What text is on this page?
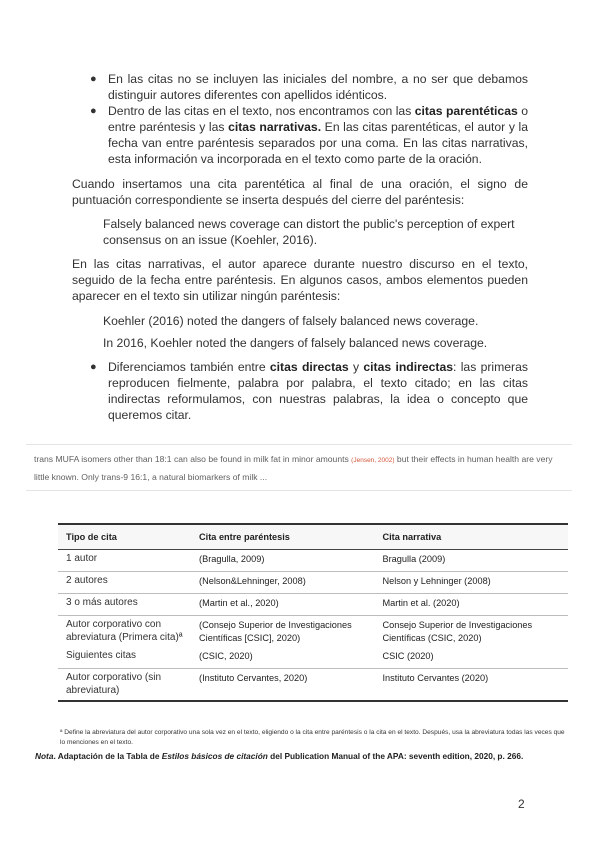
● En las citas no se incluyen las iniciales del nombre, a no ser que debamos distinguir autores diferentes con apellidos idénticos.
● Dentro de las citas en el texto, nos encontramos con las citas parentéticas o entre paréntesis y las citas narrativas. En las citas parentéticas, el autor y la fecha van entre paréntesis separados por una coma. En las citas narrativas, esta información va incorporada en el texto como parte de la oración.
Cuando insertamos una cita parentética al final de una oración, el signo de puntuación correspondiente se inserta después del cierre del paréntesis:
Falsely balanced news coverage can distort the public's perception of expert consensus on an issue (Koehler, 2016).
En las citas narrativas, el autor aparece durante nuestro discurso en el texto, seguido de la fecha entre paréntesis. En algunos casos, ambos elementos pueden aparecer en el texto sin utilizar ningún paréntesis:
Koehler (2016) noted the dangers of falsely balanced news coverage.
In 2016, Koehler noted the dangers of falsely balanced news coverage.
● Diferenciamos también entre citas directas y citas indirectas: las primeras reproducen fielmente, palabra por palabra, el texto citado; en las citas indirectas reformulamos, con nuestras palabras, la idea o concepto que queremos citar.
trans MUFA isomers other than 18:1 can also be found in milk fat in minor amounts (Jensen, 2002) but their effects in human health are very little known. Only trans-9 16:1, a natural biomarkers of milk ...
Tipo de cita	Cita entre paréntesis	Cita narrativa
1 autor	(Bragulla, 2009)	Bragulla (2009)
2 autores	(Nelson&Lehninger, 2008)	Nelson y Lehninger (2008)
3 o más autores	(Martin et al., 2020)	Martin et al. (2020)
Autor corporativo con abreviatura (Primera cita)ª	(Consejo Superior de Investigaciones Científicas [CSIC], 2020)	Consejo Superior de Investigaciones Científicas (CSIC, 2020)
Siguientes citas	(CSIC, 2020)	CSIC (2020)
Autor corporativo (sin abreviatura)	(Instituto Cervantes, 2020)	Instituto Cervantes (2020)
ª Define la abreviatura del autor corporativo una sola vez en el texto, eligiendo o la cita entre paréntesis o la cita en el texto. Después, usa la abreviatura todas las veces que lo menciones en el texto.
Nota. Adaptación de la Tabla de Estilos básicos de citación del Publication Manual of the APA: seventh edition, 2020, p. 266.
2
